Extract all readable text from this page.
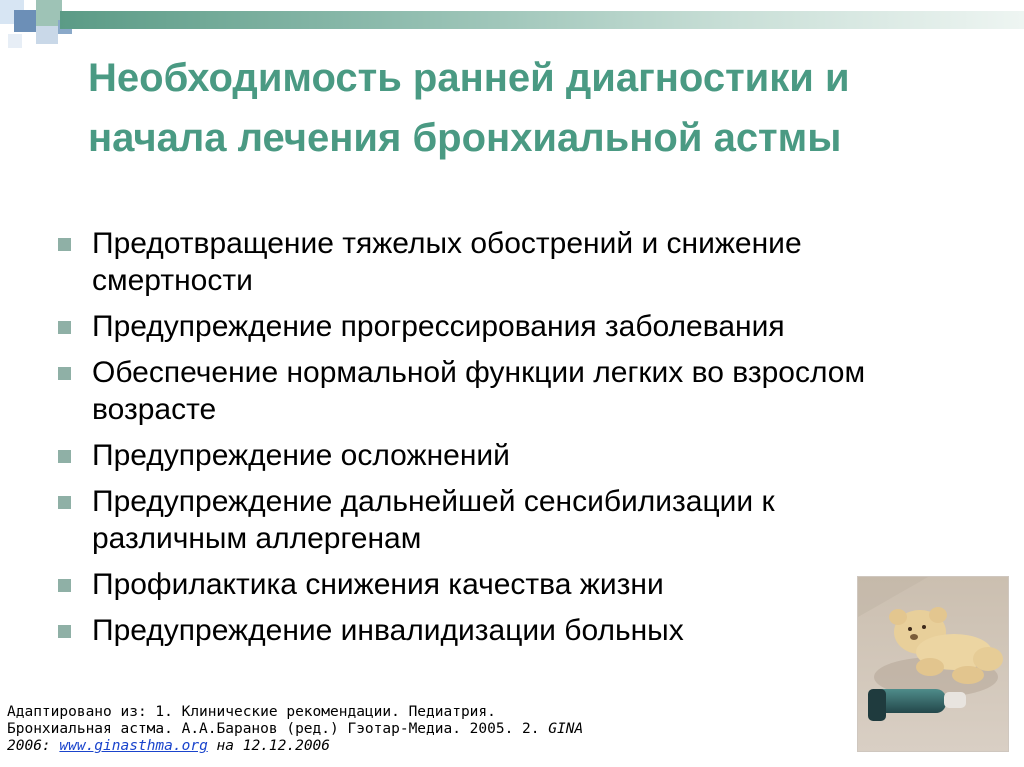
Необходимость ранней диагностики и начала лечения бронхиальной астмы
Предотвращение тяжелых обострений и снижение смертности
Предупреждение прогрессирования заболевания
Обеспечение нормальной функции легких во взрослом возрасте
Предупреждение осложнений
Предупреждение дальнейшей сенсибилизации к различным аллергенам
Профилактика снижения качества жизни
Предупреждение инвалидизации больных
Адаптировано из: 1. Клинические рекомендации. Педиатрия.
Бронхиальная астма. А.А.Баранов (ред.) Гэотар-Медиа. 2005. 2. GINA
2006: www.ginasthma.org на 12.12.2006
